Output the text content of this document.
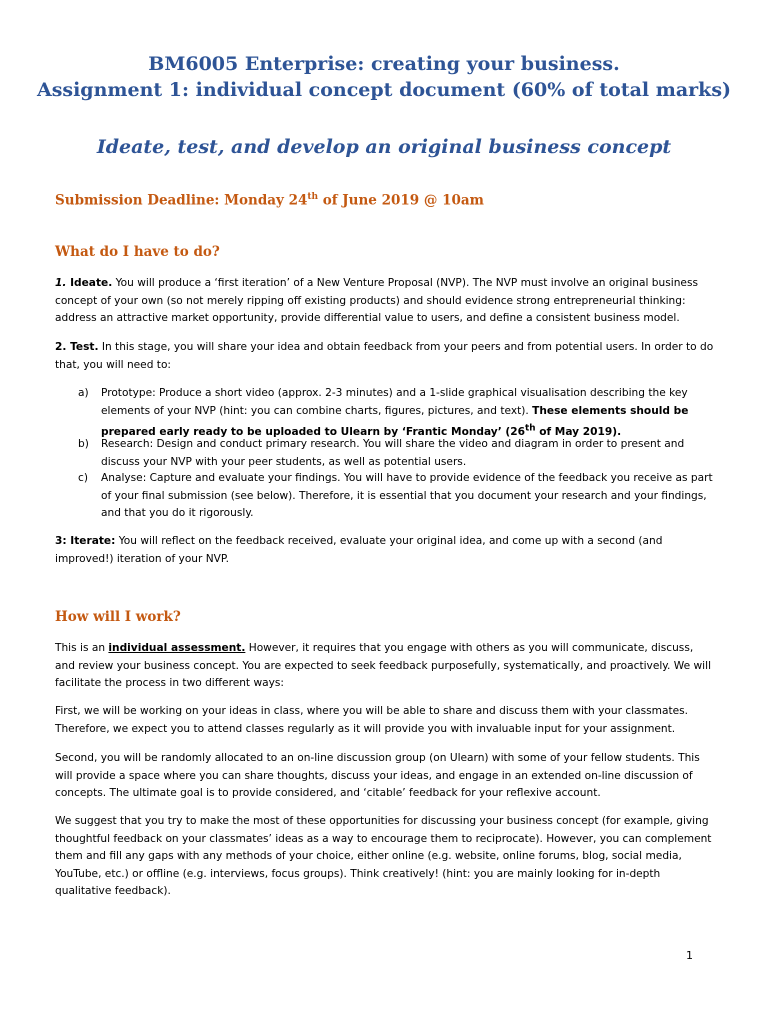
BM6005 Enterprise: creating your business.
Assignment 1: individual concept document (60% of total marks)
Ideate, test, and develop an original business concept

Submission Deadline: Monday 24th of June 2019 @ 10am

What do I have to do?

1. Ideate. You will produce a ‘first iteration’ of a New Venture Proposal (NVP). The NVP must involve an original business concept of your own (so not merely ripping off existing products) and should evidence strong entrepreneurial thinking: address an attractive market opportunity, provide differential value to users, and define a consistent business model.

2. Test. In this stage, you will share your idea and obtain feedback from your peers and from potential users. In order to do that, you will need to:

a) Prototype: Produce a short video (approx. 2-3 minutes) and a 1-slide graphical visualisation describing the key elements of your NVP (hint: you can combine charts, figures, pictures, and text). These elements should be prepared early ready to be uploaded to Ulearn by ‘Frantic Monday’ (26th of May 2019).
b) Research: Design and conduct primary research. You will share the video and diagram in order to present and discuss your NVP with your peer students, as well as potential users.
c) Analyse: Capture and evaluate your findings. You will have to provide evidence of the feedback you receive as part of your final submission (see below). Therefore, it is essential that you document your research and your findings, and that you do it rigorously.

3: Iterate: You will reflect on the feedback received, evaluate your original idea, and come up with a second (and improved!) iteration of your NVP.

How will I work?

This is an individual assessment. However, it requires that you engage with others as you will communicate, discuss, and review your business concept. You are expected to seek feedback purposefully, systematically, and proactively. We will facilitate the process in two different ways:

First, we will be working on your ideas in class, where you will be able to share and discuss them with your classmates. Therefore, we expect you to attend classes regularly as it will provide you with invaluable input for your assignment.

Second, you will be randomly allocated to an on-line discussion group (on Ulearn) with some of your fellow students. This will provide a space where you can share thoughts, discuss your ideas, and engage in an extended on-line discussion of concepts. The ultimate goal is to provide considered, and ‘citable’ feedback for your reflexive account.

We suggest that you try to make the most of these opportunities for discussing your business concept (for example, giving thoughtful feedback on your classmates’ ideas as a way to encourage them to reciprocate). However, you can complement them and fill any gaps with any methods of your choice, either online (e.g. website, online forums, blog, social media, YouTube, etc.) or offline (e.g. interviews, focus groups). Think creatively! (hint: you are mainly looking for in-depth qualitative feedback).

1
